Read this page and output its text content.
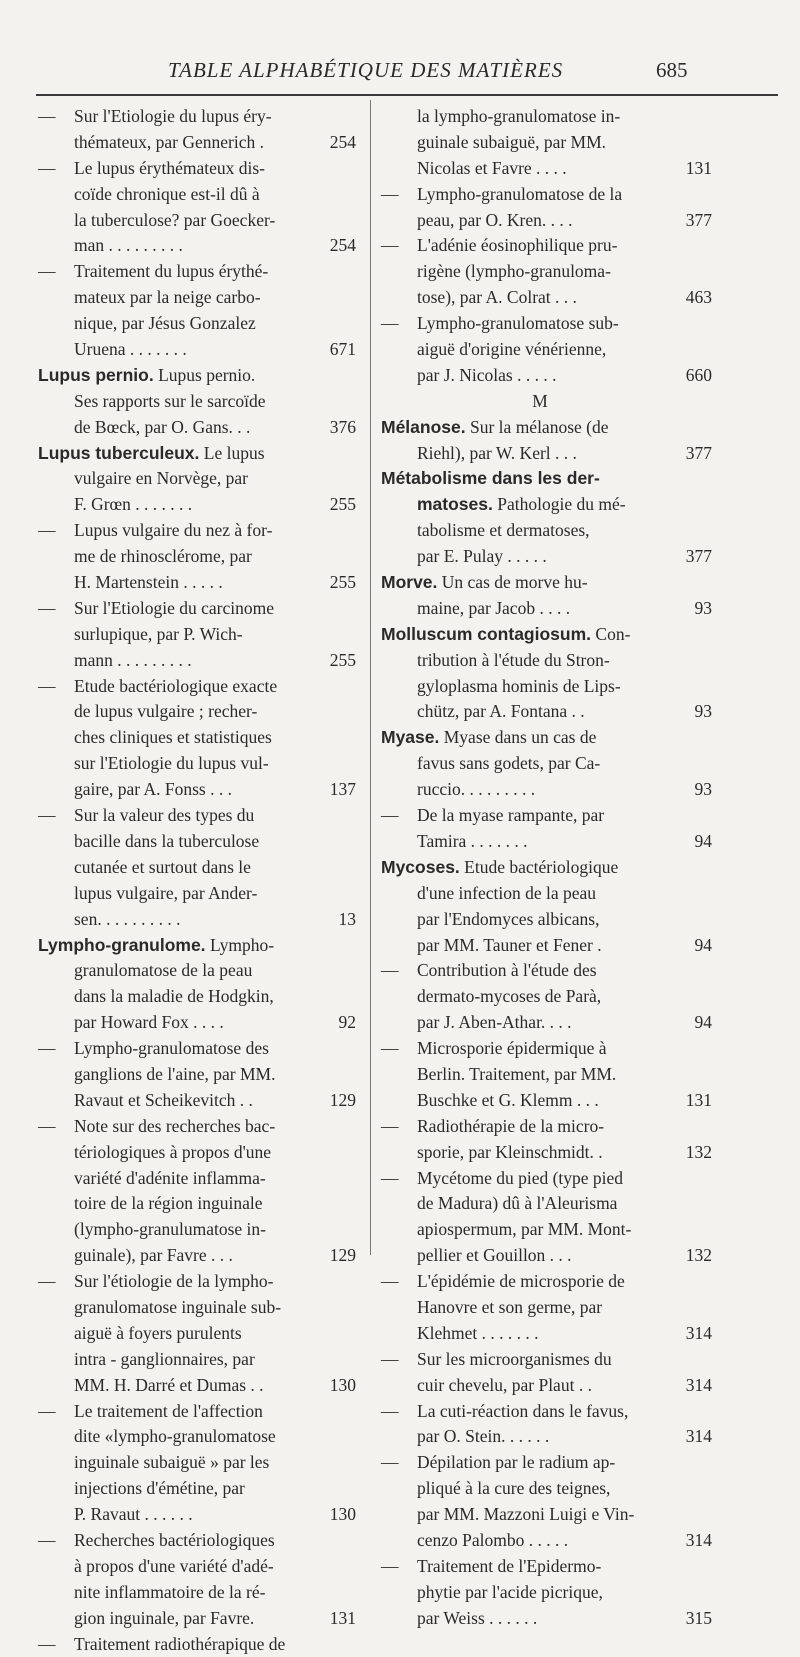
TABLE ALPHABÉTIQUE DES MATIÈRES	685
— Sur l'Etiologie du lupus éry-
thémateux, par Gennerich .	254
— Le lupus érythémateux dis-
coïde chronique est-il dû à
la tuberculose? par Goecker-
man . . . . . . . . .	254
— Traitement du lupus érythé-
mateux par la neige carbo-
nique, par Jésus Gonzalez
Uruena . . . . . . .	671
Lupus pernio. Lupus pernio.
Ses rapports sur le sarcoïde
de Bœck, par O. Gans. . .	376
Lupus tuberculeux. Le lupus
vulgaire en Norvège, par
F. Grœn . . . . . . .	255
— Lupus vulgaire du nez à for-
me de rhinosclérome, par
H. Martenstein . . . . .	255
— Sur l'Etiologie du carcinome
surlupique, par P. Wich-
mann . . . . . . . . .	255
— Etude bactériologique exacte
de lupus vulgaire ; recher-
ches cliniques et statistiques
sur l'Etiologie du lupus vul-
gaire, par A. Fonss . . .	137
— Sur la valeur des types du
bacille dans la tuberculose
cutanée et surtout dans le
lupus vulgaire, par Ander-
sen. . . . . . . . . .	13
Lympho-granulome. Lympho-
granulomatose de la peau
dans la maladie de Hodgkin,
par Howard Fox . . . .	92
— Lympho-granulomatose des
ganglions de l'aine, par MM.
Ravaut et Scheikevitch . .	129
— Note sur des recherches bac-
tériologiques à propos d'une
variété d'adénite inflamma-
toire de la région inguinale
(lympho-granulumatose in-
guinale), par Favre . . .	129
— Sur l'étiologie de la lympho-
granulomatose inguinale sub-
aiguë à foyers purulents
intra - ganglionnaires, par
MM. H. Darré et Dumas . .	130
— Le traitement de l'affection
dite «lympho-granulomatose
inguinale subaiguë » par les
injections d'émétine, par
P. Ravaut . . . . . .	130
— Recherches bactériologiques
à propos d'une variété d'adé-
nite inflammatoire de la ré-
gion inguinale, par Favre.	131
— Traitement radiothérapique de
la lympho-granulomatose in-
guinale subaiguë, par MM.
Nicolas et Favre . . . .	131
— Lympho-granulomatose de la
peau, par O. Kren. . . .	377
— L'adénie éosinophilique pru-
rigène (lympho-granuloma-
tose), par A. Colrat . . .	463
— Lympho-granulomatose sub-
aiguë d'origine vénérienne,
par J. Nicolas . . . . .	660
M
Mélanose. Sur la mélanose (de
Riehl), par W. Kerl . . .	377
Métabolisme dans les der-
matoses. Pathologie du mé-
tabolisme et dermatoses,
par E. Pulay . . . . .	377
Morve. Un cas de morve hu-
maine, par Jacob . . . .	93
Molluscum contagiosum. Con-
tribution à l'étude du Stron-
gyloplasma hominis de Lips-
chütz, par A. Fontana . .	93
Myase. Myase dans un cas de
favus sans godets, par Ca-
ruccio. . . . . . . . .	93
— De la myase rampante, par
Tamira . . . . . . .	94
Mycoses. Etude bactériologique
d'une infection de la peau
par l'Endomyces albicans,
par MM. Tauner et Fener .	94
— Contribution à l'étude des
dermato-mycoses de Parà,
par J. Aben-Athar. . . .	94
— Microsporie épidermique à
Berlin. Traitement, par MM.
Buschke et G. Klemm . . .	131
— Radiothérapie de la micro-
sporie, par Kleinschmidt. .	132
— Mycétome du pied (type pied
de Madura) dû à l'Aleurisma
apiospermum, par MM. Mont-
pellier et Gouillon . . .	132
— L'épidémie de microsporie de
Hanovre et son germe, par
Klehmet . . . . . . .	314
— Sur les microorganismes du
cuir chevelu, par Plaut . .	314
— La cuti-réaction dans le favus,
par O. Stein. . . . . .	314
— Dépilation par le radium ap-
pliqué à la cure des teignes,
par MM. Mazzoni Luigi e Vin-
cenzo Palombo . . . . .	314
— Traitement de l'Epidermo-
phytie par l'acide picrique,
par Weiss . . . . . .	315
